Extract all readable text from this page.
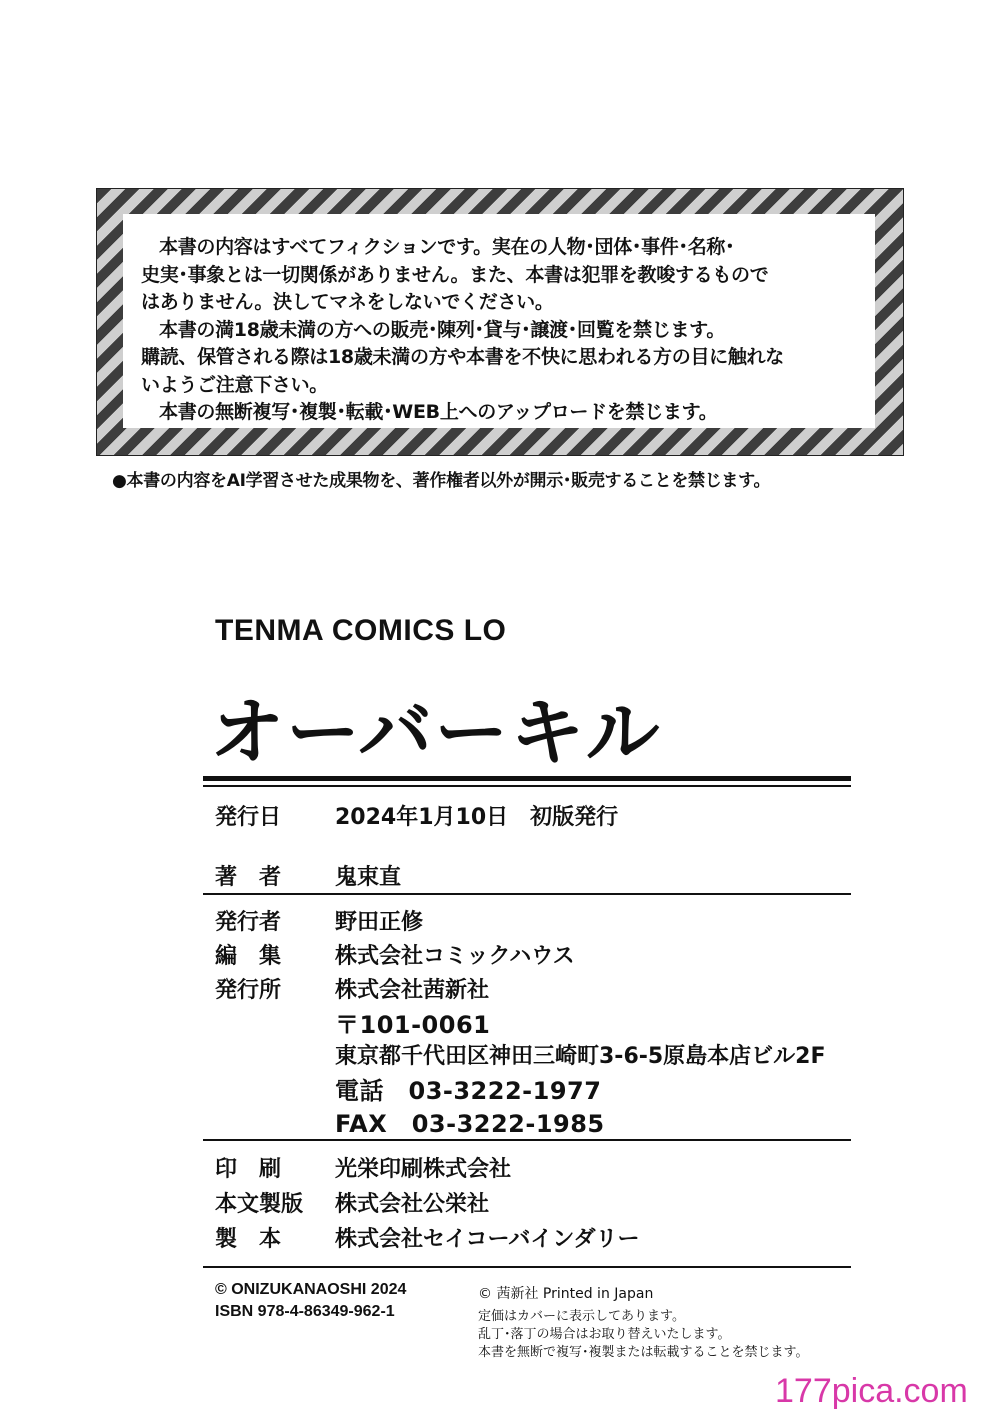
本書の内容はすべてフィクションです。実在の人物･団体･事件･名称･
史実･事象とは一切関係がありません。また、本書は犯罪を教唆するもので
はありません。決してマネをしないでください。
本書の満18歳未満の方への販売･陳列･貸与･譲渡･回覧を禁じます。
購読、保管される際は18歳未満の方や本書を不快に思われる方の目に触れな
いようご注意下さい。
本書の無断複写･複製･転載･WEB上へのアップロードを禁じます。
●本書の内容をAI学習させた成果物を、著作権者以外が開示･販売することを禁じます。
TENMA COMICS LO
オーバーキル
発行日 2024年1月10日　初版発行
著　者 鬼束直
発行者 野田正修
編　集 株式会社コミックハウス
発行所 株式会社茜新社
〒101-0061
東京都千代田区神田三崎町3-6-5原島本店ビル2F
電話　03-3222-1977
FAX　03-3222-1985
印　刷 光栄印刷株式会社
本文製版 株式会社公栄社
製　本 株式会社セイコーバインダリー
© ONIZUKANAOSHI 2024
ISBN 978-4-86349-962-1
© 茜新社 Printed in Japan
定価はカバーに表示してあります。
乱丁･落丁の場合はお取り替えいたします。
本書を無断で複写･複製または転載することを禁じます。
177pica.com
